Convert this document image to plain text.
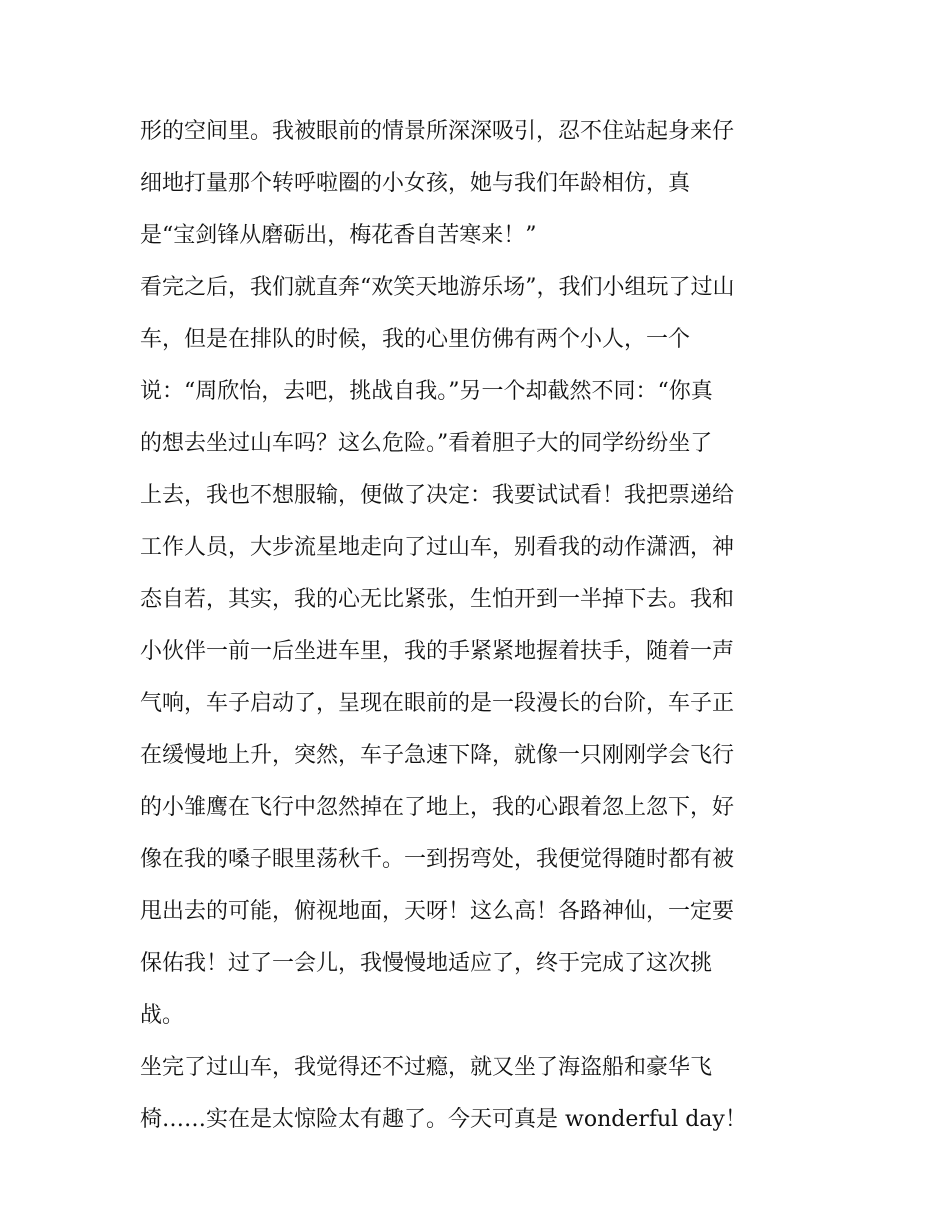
形的空间里。我被眼前的情景所深深吸引，忍不住站起身来仔
细地打量那个转呼啦圈的小女孩，她与我们年龄相仿，真
是“宝剑锋从磨砺出，梅花香自苦寒来！”
看完之后，我们就直奔“欢笑天地游乐场”，我们小组玩了过山
车，但是在排队的时候，我的心里仿佛有两个小人，一个
说：“周欣怡，去吧，挑战自我。”另一个却截然不同：“你真
的想去坐过山车吗？这么危险。”看着胆子大的同学纷纷坐了
上去，我也不想服输，便做了决定：我要试试看！我把票递给
工作人员，大步流星地走向了过山车，别看我的动作潇洒，神
态自若，其实，我的心无比紧张，生怕开到一半掉下去。我和
小伙伴一前一后坐进车里，我的手紧紧地握着扶手，随着一声
气响，车子启动了，呈现在眼前的是一段漫长的台阶，车子正
在缓慢地上升，突然，车子急速下降，就像一只刚刚学会飞行
的小雏鹰在飞行中忽然掉在了地上，我的心跟着忽上忽下，好
像在我的嗓子眼里荡秋千。一到拐弯处，我便觉得随时都有被
甩出去的可能，俯视地面，天呀！这么高！各路神仙，一定要
保佑我！过了一会儿，我慢慢地适应了，终于完成了这次挑
战。
坐完了过山车，我觉得还不过瘾，就又坐了海盗船和豪华飞
椅……实在是太惊险太有趣了。今天可真是 wonderful day！
